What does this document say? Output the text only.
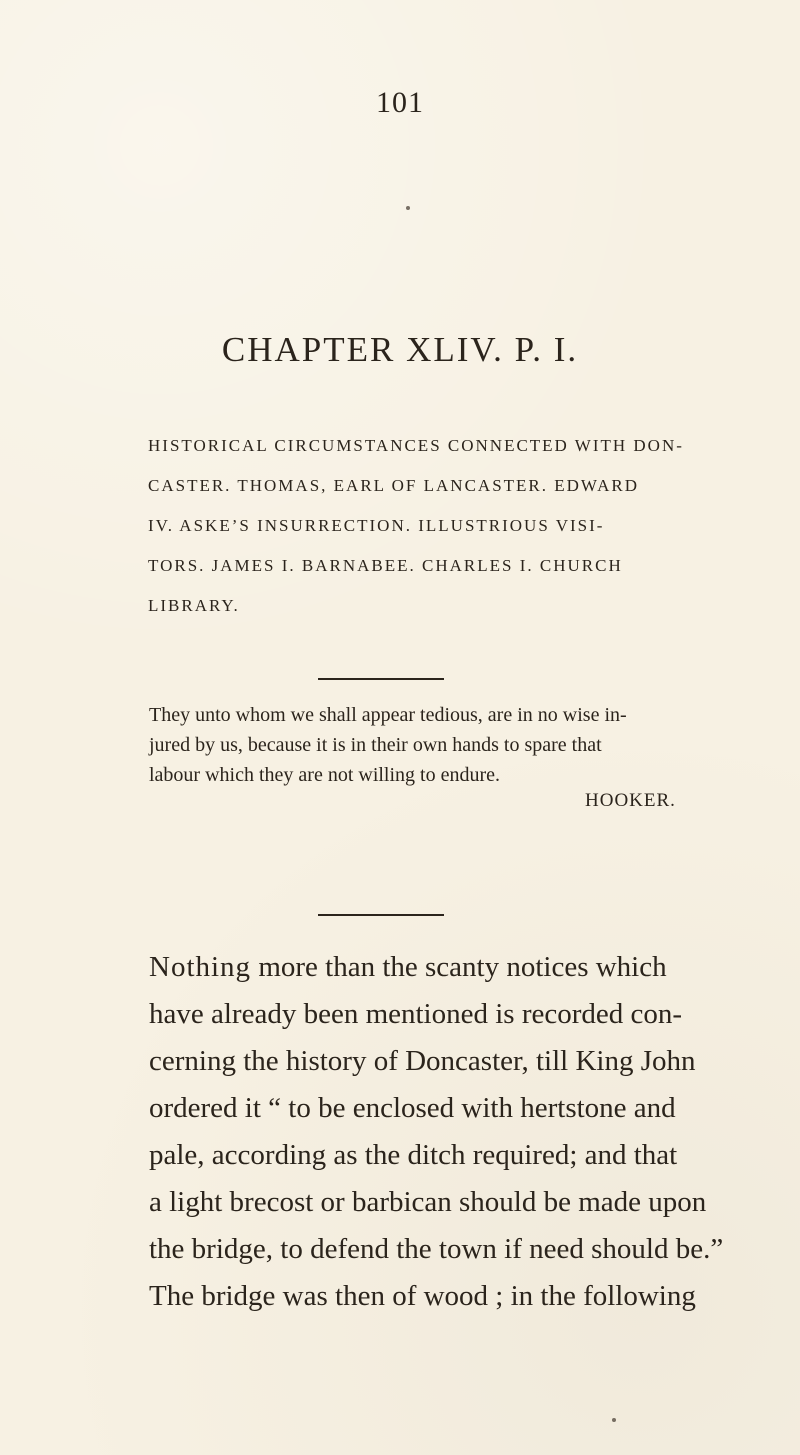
101
CHAPTER XLIV. P. I.
HISTORICAL CIRCUMSTANCES CONNECTED WITH DON-
CASTER. THOMAS, EARL OF LANCASTER. EDWARD
IV. ASKE’S INSURRECTION. ILLUSTRIOUS VISI-
TORS. JAMES I. BARNABEE. CHARLES I. CHURCH
LIBRARY.
They unto whom we shall appear tedious, are in no wise in-
jured by us, because it is in their own hands to spare that
labour which they are not willing to endure.
HOOKER.
Nothing more than the scanty notices which
have already been mentioned is recorded con-
cerning the history of Doncaster, till King John
ordered it “ to be enclosed with hertstone and
pale, according as the ditch required; and that
a light brecost or barbican should be made upon
the bridge, to defend the town if need should be.”
The bridge was then of wood ; in the following
